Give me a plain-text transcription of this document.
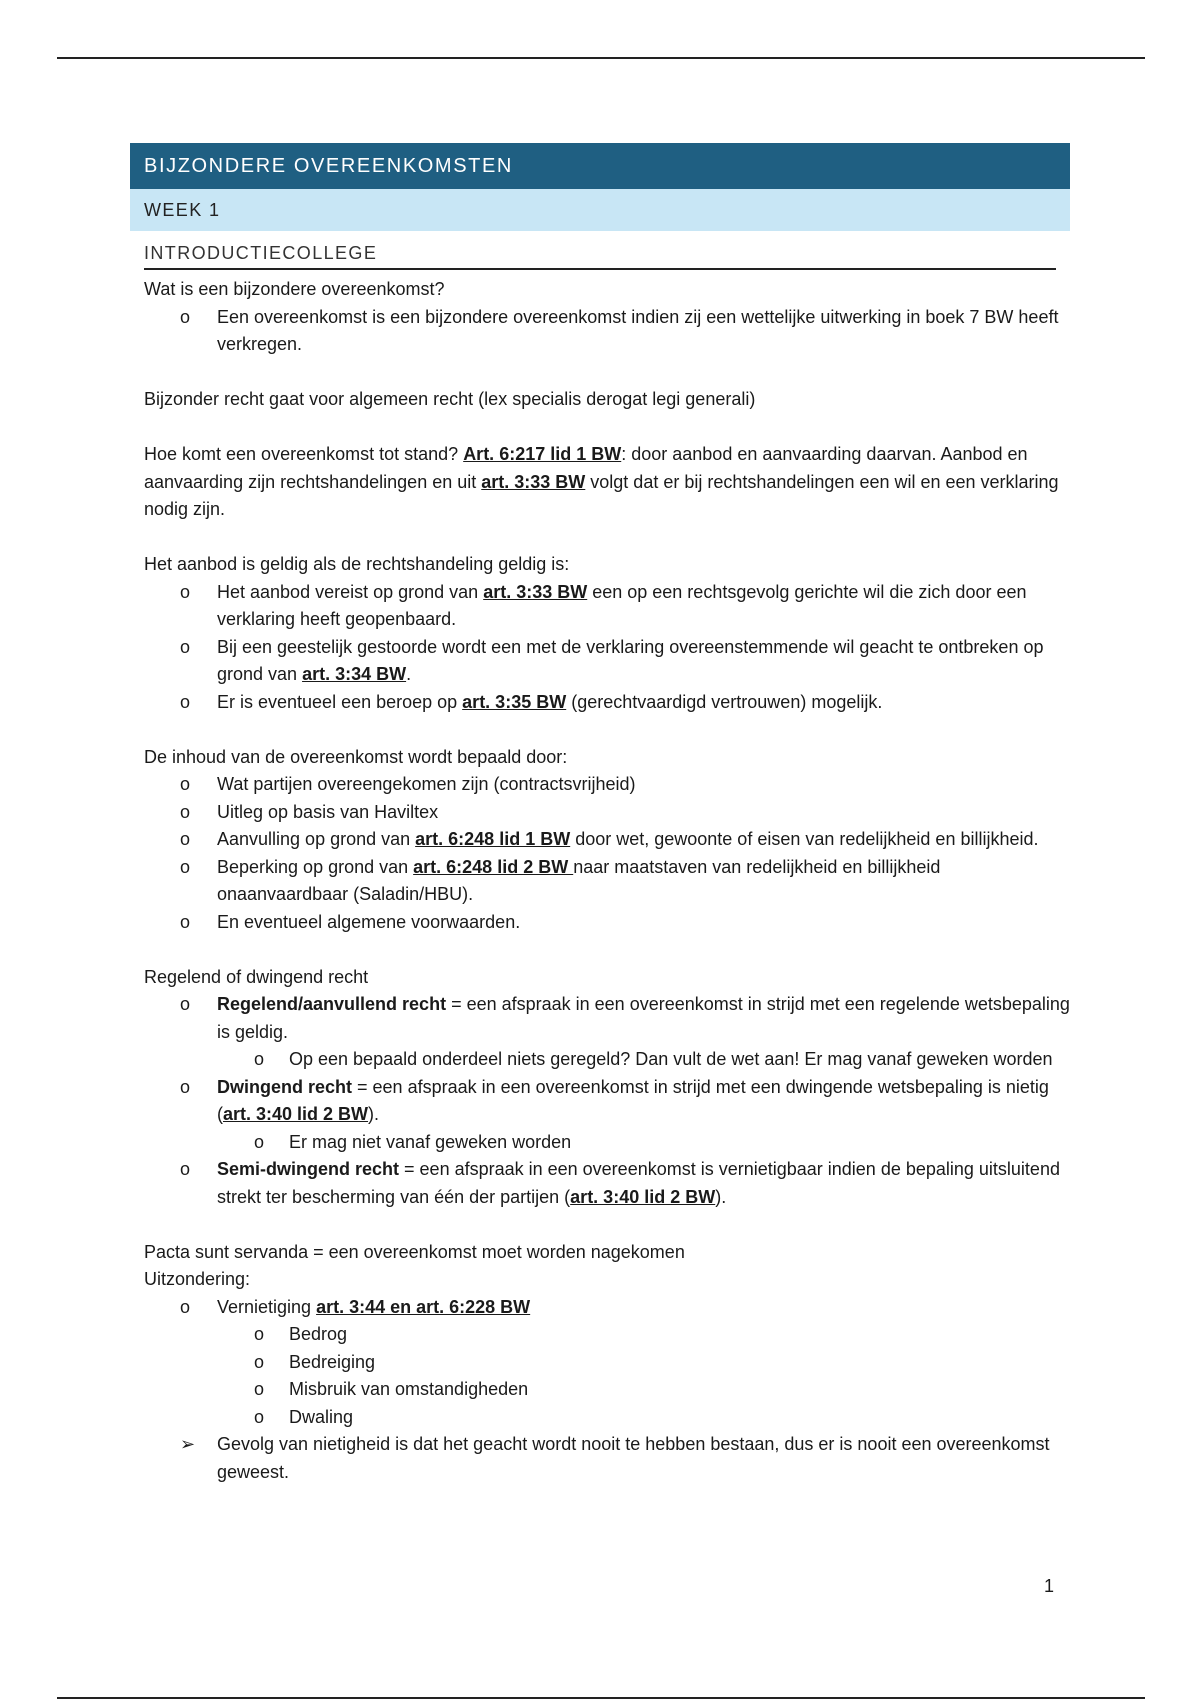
BIJZONDERE OVEREENKOMSTEN
WEEK 1
INTRODUCTIECOLLEGE
Wat is een bijzondere overeenkomst?
o Een overeenkomst is een bijzondere overeenkomst indien zij een wettelijke uitwerking in boek 7 BW heeft verkregen.
Bijzonder recht gaat voor algemeen recht (lex specialis derogat legi generali)
Hoe komt een overeenkomst tot stand? Art. 6:217 lid 1 BW: door aanbod en aanvaarding daarvan. Aanbod en aanvaarding zijn rechtshandelingen en uit art. 3:33 BW volgt dat er bij rechtshandelingen een wil en een verklaring nodig zijn.
Het aanbod is geldig als de rechtshandeling geldig is:
o Het aanbod vereist op grond van art. 3:33 BW een op een rechtsgevolg gerichte wil die zich door een verklaring heeft geopenbaard.
o Bij een geestelijk gestoorde wordt een met de verklaring overeenstemmende wil geacht te ontbreken op grond van art. 3:34 BW.
o Er is eventueel een beroep op art. 3:35 BW (gerechtvaardigd vertrouwen) mogelijk.
De inhoud van de overeenkomst wordt bepaald door:
o Wat partijen overeengekomen zijn (contractsvrijheid)
o Uitleg op basis van Haviltex
o Aanvulling op grond van art. 6:248 lid 1 BW door wet, gewoonte of eisen van redelijkheid en billijkheid.
o Beperking op grond van art. 6:248 lid 2 BW naar maatstaven van redelijkheid en billijkheid onaanvaardbaar (Saladin/HBU).
o En eventueel algemene voorwaarden.
Regelend of dwingend recht
o Regelend/aanvullend recht = een afspraak in een overeenkomst in strijd met een regelende wetsbepaling is geldig.
o Op een bepaald onderdeel niets geregeld? Dan vult de wet aan! Er mag vanaf geweken worden
o Dwingend recht = een afspraak in een overeenkomst in strijd met een dwingende wetsbepaling is nietig (art. 3:40 lid 2 BW).
o Er mag niet vanaf geweken worden
o Semi-dwingend recht = een afspraak in een overeenkomst is vernietigbaar indien de bepaling uitsluitend strekt ter bescherming van één der partijen (art. 3:40 lid 2 BW).
Pacta sunt servanda = een overeenkomst moet worden nagekomen
Uitzondering:
o Vernietiging art. 3:44 en art. 6:228 BW
o Bedrog
o Bedreiging
o Misbruik van omstandigheden
o Dwaling
➢ Gevolg van nietigheid is dat het geacht wordt nooit te hebben bestaan, dus er is nooit een overeenkomst geweest.
1
